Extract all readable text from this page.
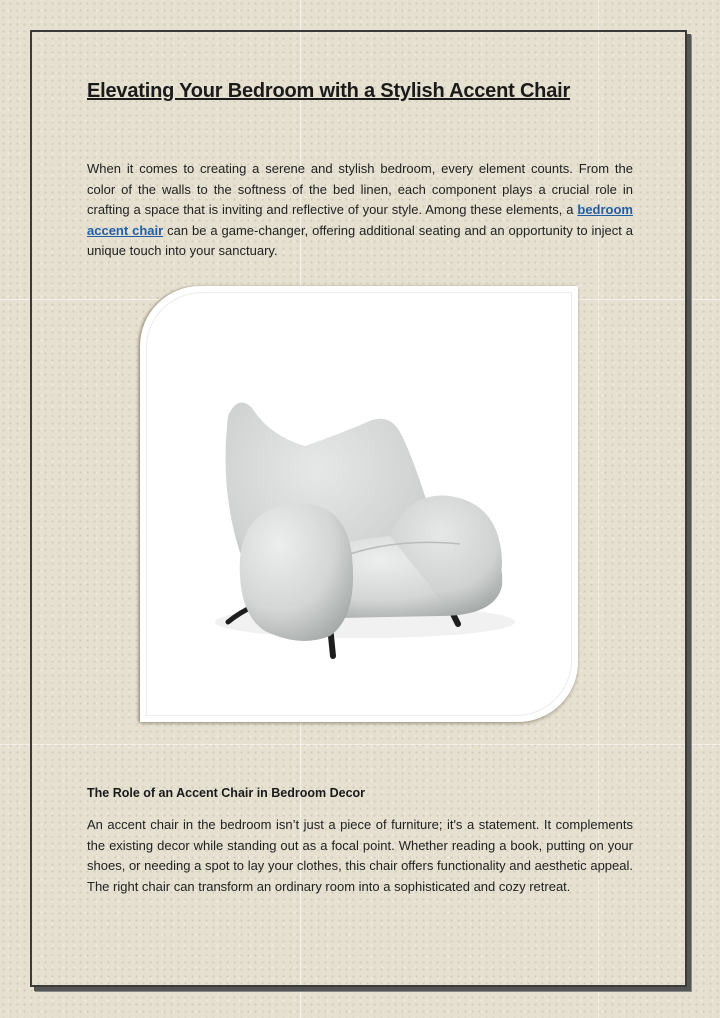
Elevating Your Bedroom with a Stylish Accent Chair

When it comes to creating a serene and stylish bedroom, every element counts. From the color of the walls to the softness of the bed linen, each component plays a crucial role in crafting a space that is inviting and reflective of your style. Among these elements, a bedroom accent chair can be a game-changer, offering additional seating and an opportunity to inject a unique touch into your sanctuary.

The Role of an Accent Chair in Bedroom Decor

An accent chair in the bedroom isn’t just a piece of furniture; it's a statement. It complements the existing decor while standing out as a focal point. Whether reading a book, putting on your shoes, or needing a spot to lay your clothes, this chair offers functionality and aesthetic appeal. The right chair can transform an ordinary room into a sophisticated and cozy retreat.
